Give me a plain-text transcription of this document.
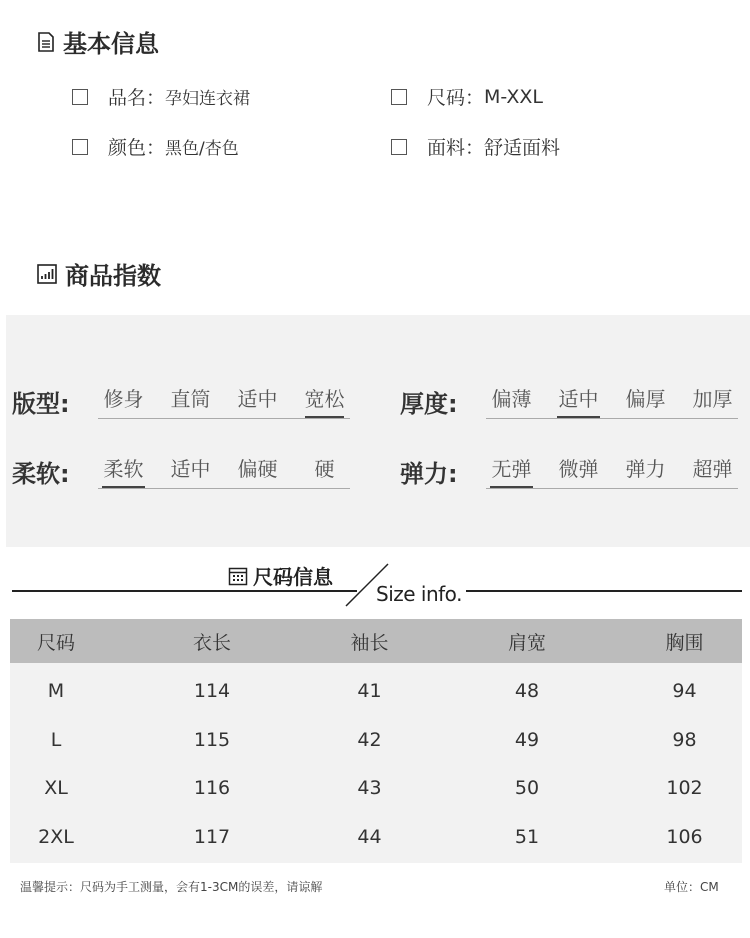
基本信息
品名： 孕妇连衣裙	尺码： M-XXL
颜色： 黑色/杏色	面料： 舒适面料
商品指数
版型:	修身	直筒	适中	宽松	厚度:	偏薄	适中	偏厚	加厚
柔软:	柔软	适中	偏硬	硬	弹力:	无弹	微弹	弹力	超弹
尺码信息
Size info.
尺码	衣长	袖长	肩宽	胸围
M	114	41	48	94
L	115	42	49	98
XL	116	43	50	102
2XL	117	44	51	106
温馨提示：尺码为手工测量，会有1-3CM的误差，请谅解	单位：CM
